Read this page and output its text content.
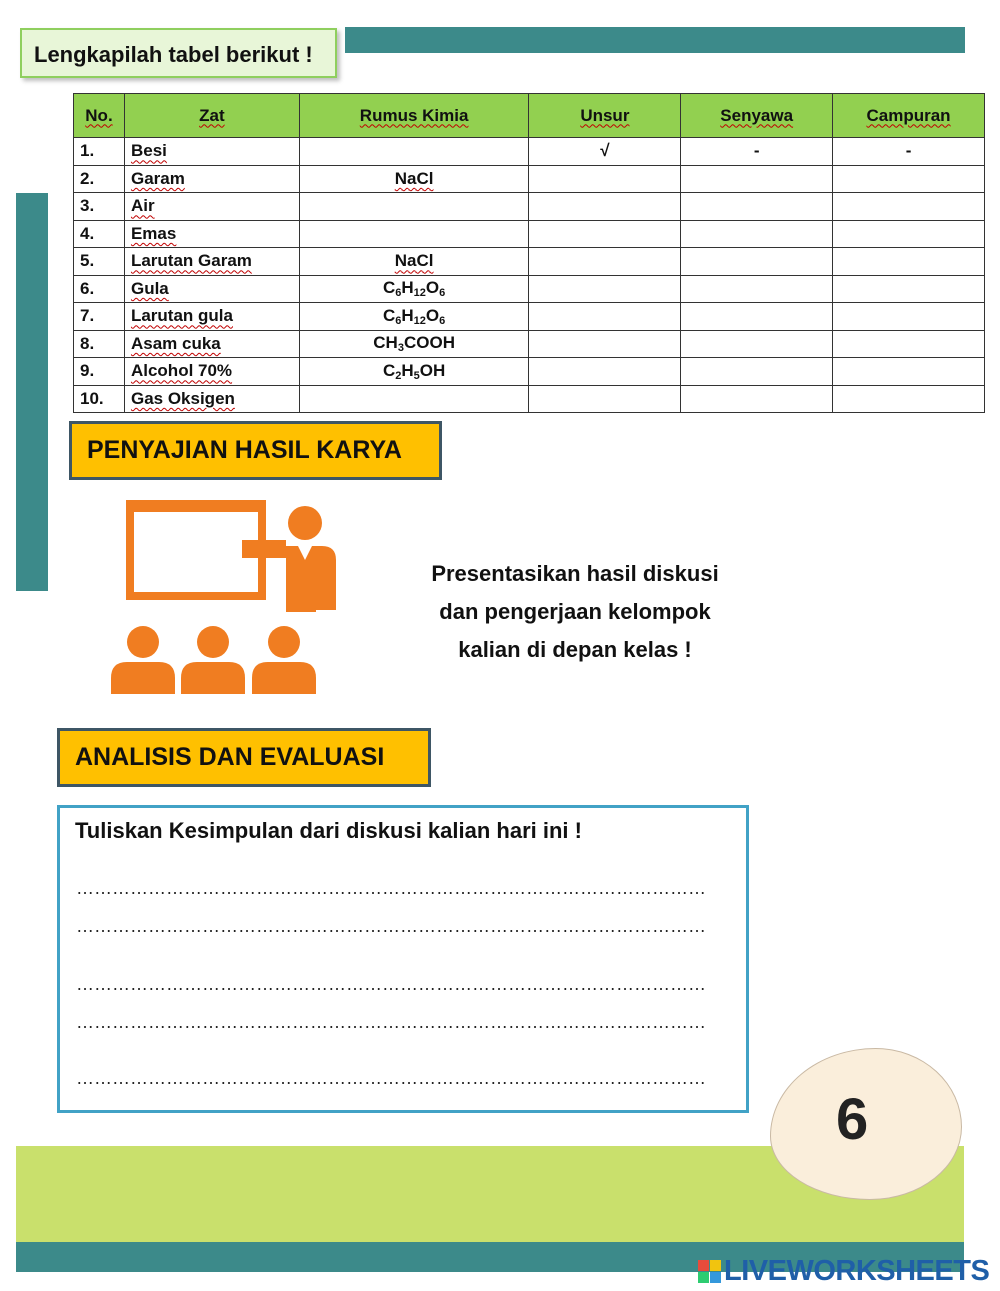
Lengkapilah tabel berikut !
No.	Zat	Rumus Kimia	Unsur	Senyawa	Campuran
1.	Besi		√	-	-
2.	Garam	NaCl			
3.	Air				
4.	Emas				
5.	Larutan Garam	NaCl			
6.	Gula	$C_6H_{12}O_6$			
7.	Larutan gula	$C_6H_{12}O_6$			
8.	Asam cuka	$CH_3COOH$			
9.	Alcohol 70%	$C_2H_5OH$			
10.	Gas Oksigen				
PENYAJIAN HASIL KARYA
Presentasikan hasil diskusi
dan pengerjaan kelompok
kalian di depan kelas !
ANALISIS DAN EVALUASI
Tuliskan Kesimpulan dari diskusi kalian hari ini !
……………………………………………………………………………………………
……………………………………………………………………………………………
……………………………………………………………………………………………
……………………………………………………………………………………………
……………………………………………………………………………………………
6
LIVEWORKSHEETS
